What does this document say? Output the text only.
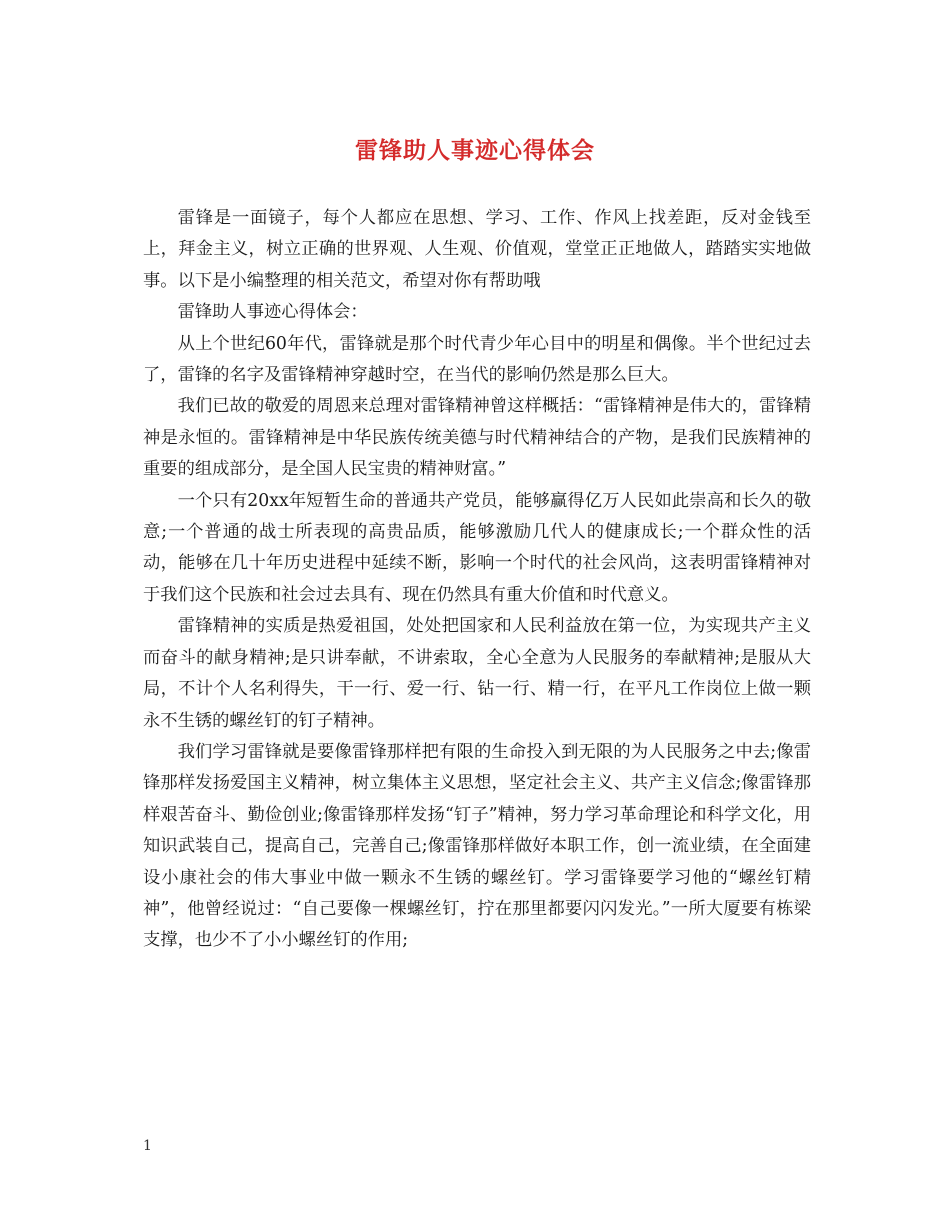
雷锋助人事迹心得体会

雷锋是一面镜子，每个人都应在思想、学习、工作、作风上找差距，反对金钱至上，拜金主义，树立正确的世界观、人生观、价值观，堂堂正正地做人，踏踏实实地做事。以下是小编整理的相关范文，希望对你有帮助哦

雷锋助人事迹心得体会：

从上个世纪60年代，雷锋就是那个时代青少年心目中的明星和偶像。半个世纪过去了，雷锋的名字及雷锋精神穿越时空，在当代的影响仍然是那么巨大。

我们已故的敬爱的周恩来总理对雷锋精神曾这样概括：“雷锋精神是伟大的，雷锋精神是永恒的。雷锋精神是中华民族传统美德与时代精神结合的产物，是我们民族精神的重要的组成部分，是全国人民宝贵的精神财富。”

一个只有20xx年短暂生命的普通共产党员，能够赢得亿万人民如此崇高和长久的敬意;一个普通的战士所表现的高贵品质，能够激励几代人的健康成长;一个群众性的活动，能够在几十年历史进程中延续不断，影响一个时代的社会风尚，这表明雷锋精神对于我们这个民族和社会过去具有、现在仍然具有重大价值和时代意义。

雷锋精神的实质是热爱祖国，处处把国家和人民利益放在第一位，为实现共产主义而奋斗的献身精神;是只讲奉献，不讲索取，全心全意为人民服务的奉献精神;是服从大局，不计个人名利得失，干一行、爱一行、钻一行、精一行，在平凡工作岗位上做一颗永不生锈的螺丝钉的钉子精神。

我们学习雷锋就是要像雷锋那样把有限的生命投入到无限的为人民服务之中去;像雷锋那样发扬爱国主义精神，树立集体主义思想，坚定社会主义、共产主义信念;像雷锋那样艰苦奋斗、勤俭创业;像雷锋那样发扬“钉子”精神，努力学习革命理论和科学文化，用知识武装自己，提高自己，完善自己;像雷锋那样做好本职工作，创一流业绩，在全面建设小康社会的伟大事业中做一颗永不生锈的螺丝钉。学习雷锋要学习他的“螺丝钉精神”，他曾经说过：“自己要像一棵螺丝钉，拧在那里都要闪闪发光。”一所大厦要有栋梁支撑，也少不了小小螺丝钉的作用;

1
